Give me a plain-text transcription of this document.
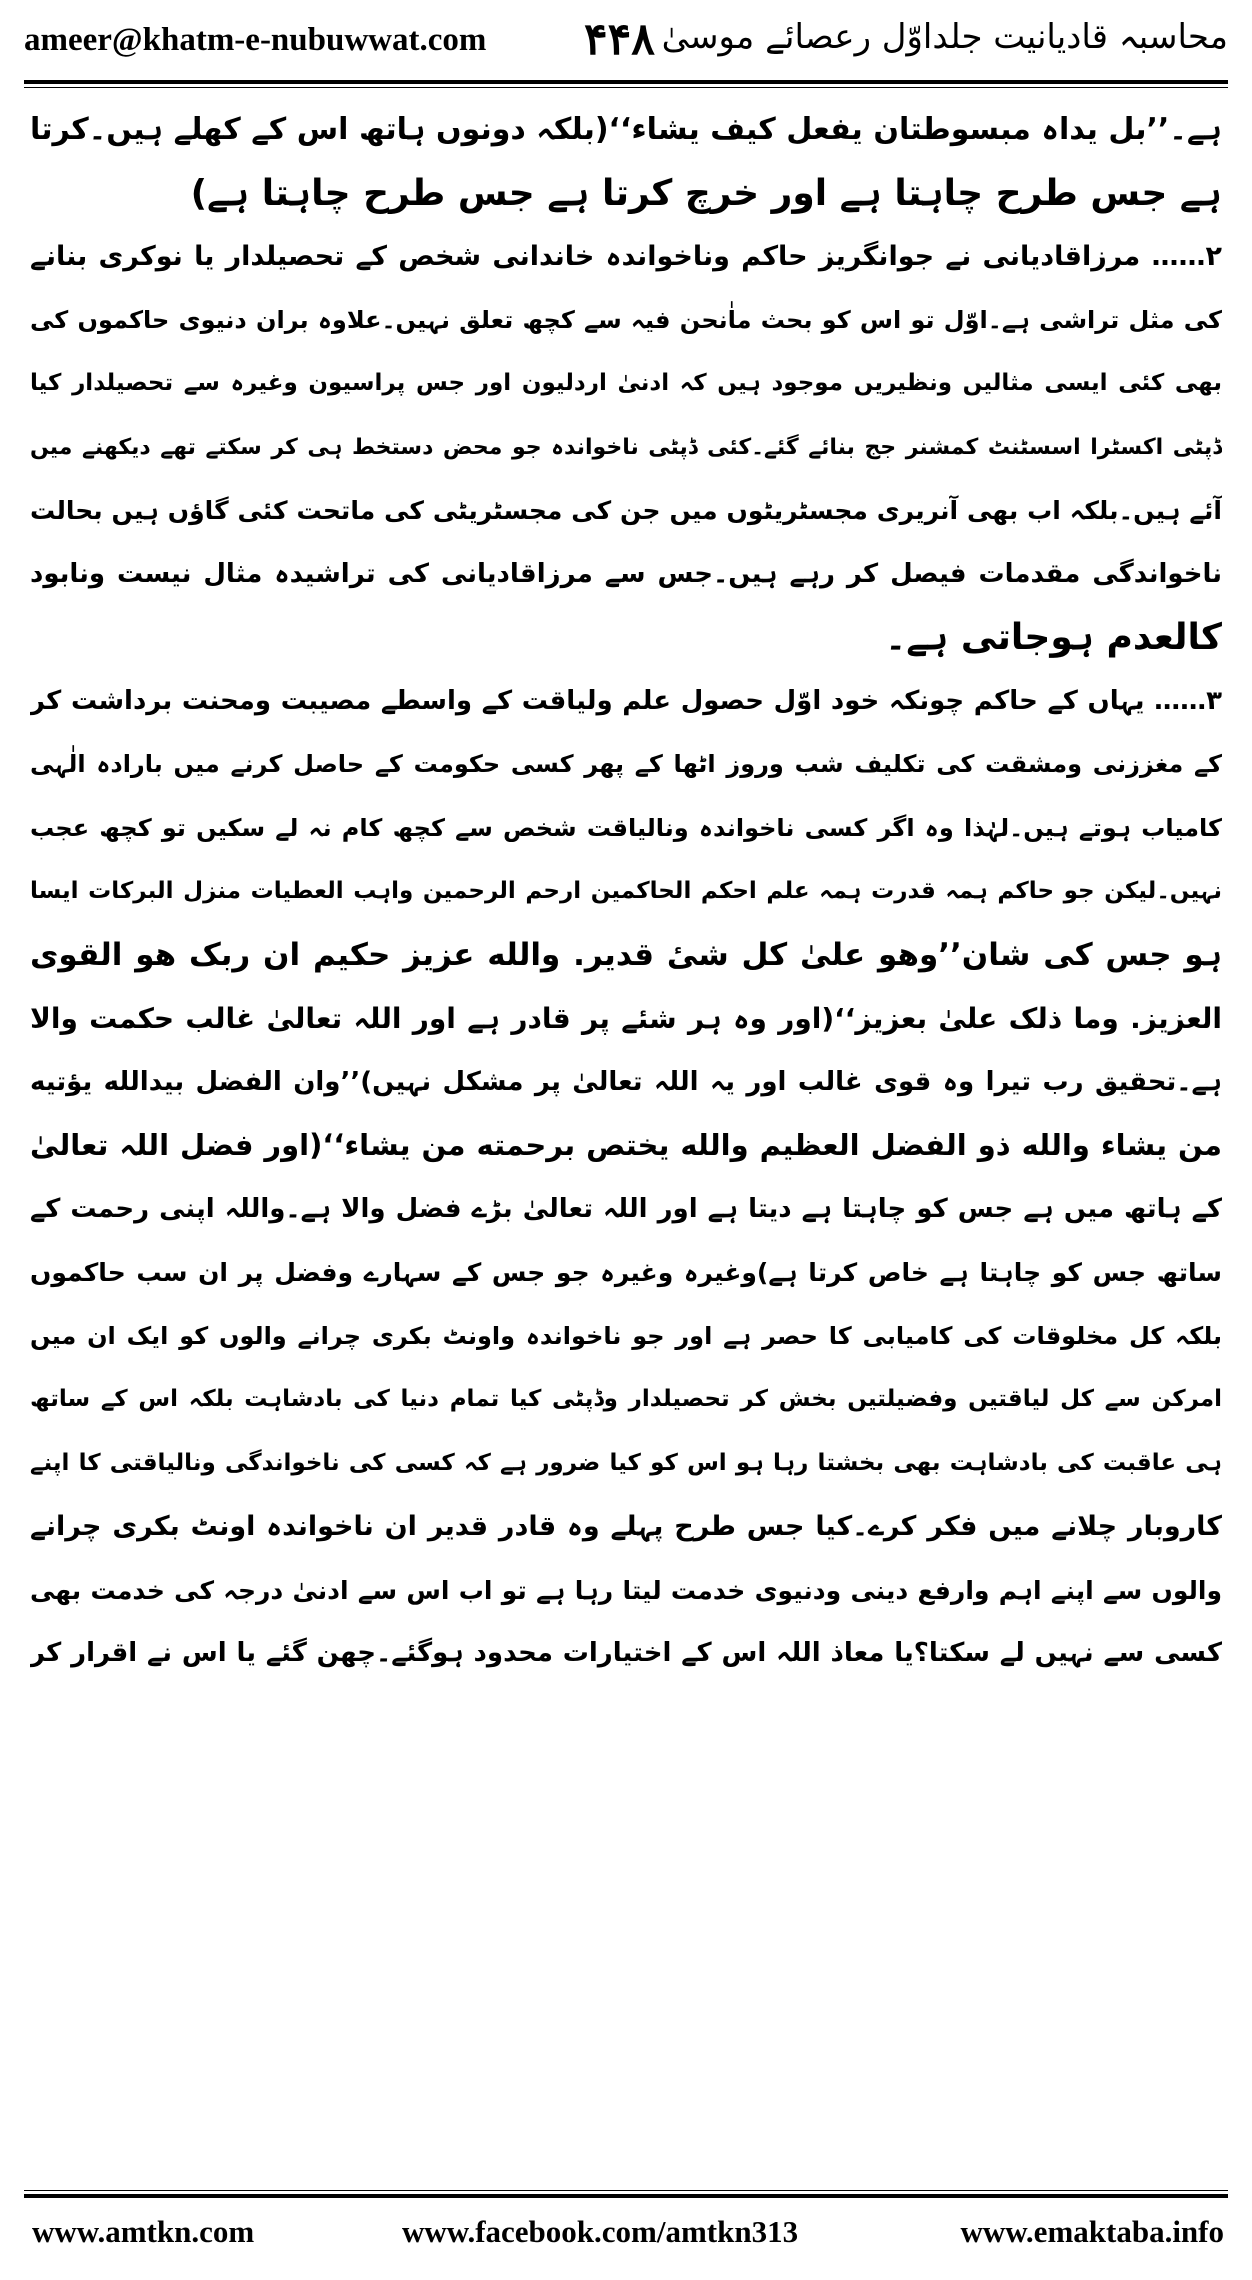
ameer@khatm-e-nubuwwat.com ۴۴۸ محاسبہ قادیانیت جلداوّل رعصائے موسیٰ
ہے۔’’بل یداہ مبسوطتان یفعل کیف یشاء‘‘(بلکہ دونوں ہاتھ اس کے کھلے ہیں۔کرتا
ہے جس طرح چاہتا ہے اور خرچ کرتا ہے جس طرح چاہتا ہے)
۲…… مرزاقادیانی نے جوانگریز حاکم وناخواندہ خاندانی شخص کے تحصیلدار یا نوکری بنانے
کی مثل تراشی ہے۔اوّل تو اس کو بحث ماٰنحن فیہ سے کچھ تعلق نہیں۔علاوہ بران دنیوی حاکموں کی
بھی کئی ایسی مثالیں ونظیریں موجود ہیں کہ ادنیٰ اردلیون اور جس پراسیون وغیرہ سے تحصیلدار کیا
ڈپٹی اکسٹرا اسسٹنٹ کمشنر جج بنائے گئے۔کئی ڈپٹی ناخواندہ جو محض دستخط ہی کر سکتے تھے دیکھنے میں
آئے ہیں۔بلکہ اب بھی آنریری مجسٹریٹوں میں جن کی مجسٹریٹی کی ماتحت کئی گاؤں ہیں بحالت
ناخواندگی مقدمات فیصل کر رہے ہیں۔جس سے مرزاقادیانی کی تراشیدہ مثال نیست ونابود
کالعدم ہوجاتی ہے۔
۳…… یہاں کے حاکم چونکہ خود اوّل حصول علم ولیاقت کے واسطے مصیبت ومحنت برداشت کر
کے مغززنی ومشقت کی تکلیف شب وروز اٹھا کے پھر کسی حکومت کے حاصل کرنے میں بارادہ الٰہی
کامیاب ہوتے ہیں۔لہٰذا وہ اگر کسی ناخواندہ ونالیاقت شخص سے کچھ کام نہ لے سکیں تو کچھ عجب
نہیں۔لیکن جو حاکم ہمہ قدرت ہمہ علم احکم الحاکمین ارحم الرحمین واہب العطیات منزل البرکات ایسا
ہو جس کی شان’’وهو علیٰ کل شیٔ قدیر. والله عزیز حکیم ان ربک هو القوی
العزیز. وما ذلک علیٰ بعزیز‘‘(اور وہ ہر شئے پر قادر ہے اور اللہ تعالیٰ غالب حکمت والا
ہے۔تحقیق رب تیرا وہ قوی غالب اور یہ اللہ تعالیٰ پر مشکل نہیں)’’وان الفضل بیدالله یؤتیه
من یشاء والله ذو الفضل العظیم والله یختص برحمته من یشاء‘‘(اور فضل اللہ تعالیٰ
کے ہاتھ میں ہے جس کو چاہتا ہے دیتا ہے اور اللہ تعالیٰ بڑے فضل والا ہے۔واللہ اپنی رحمت کے
ساتھ جس کو چاہتا ہے خاص کرتا ہے)وغیرہ وغیرہ جو جس کے سہارے وفضل پر ان سب حاکموں
بلکہ کل مخلوقات کی کامیابی کا حصر ہے اور جو ناخواندہ واونٹ بکری چرانے والوں کو ایک ان میں
امرکن سے کل لیاقتیں وفضیلتیں بخش کر تحصیلدار وڈپٹی کیا تمام دنیا کی بادشاہت بلکہ اس کے ساتھ
ہی عاقبت کی بادشاہت بھی بخشتا رہا ہو اس کو کیا ضرور ہے کہ کسی کی ناخواندگی ونالیاقتی کا اپنے
کاروبار چلانے میں فکر کرے۔کیا جس طرح پہلے وہ قادر قدیر ان ناخواندہ اونٹ بکری چرانے
والوں سے اپنے اہم وارفع دینی ودنیوی خدمت لیتا رہا ہے تو اب اس سے ادنیٰ درجہ کی خدمت بھی
کسی سے نہیں لے سکتا؟یا معاذ اللہ اس کے اختیارات محدود ہوگئے۔چھن گئے یا اس نے اقرار کر
www.amtkn.com	www.facebook.com/amtkn313	www.emaktaba.info
